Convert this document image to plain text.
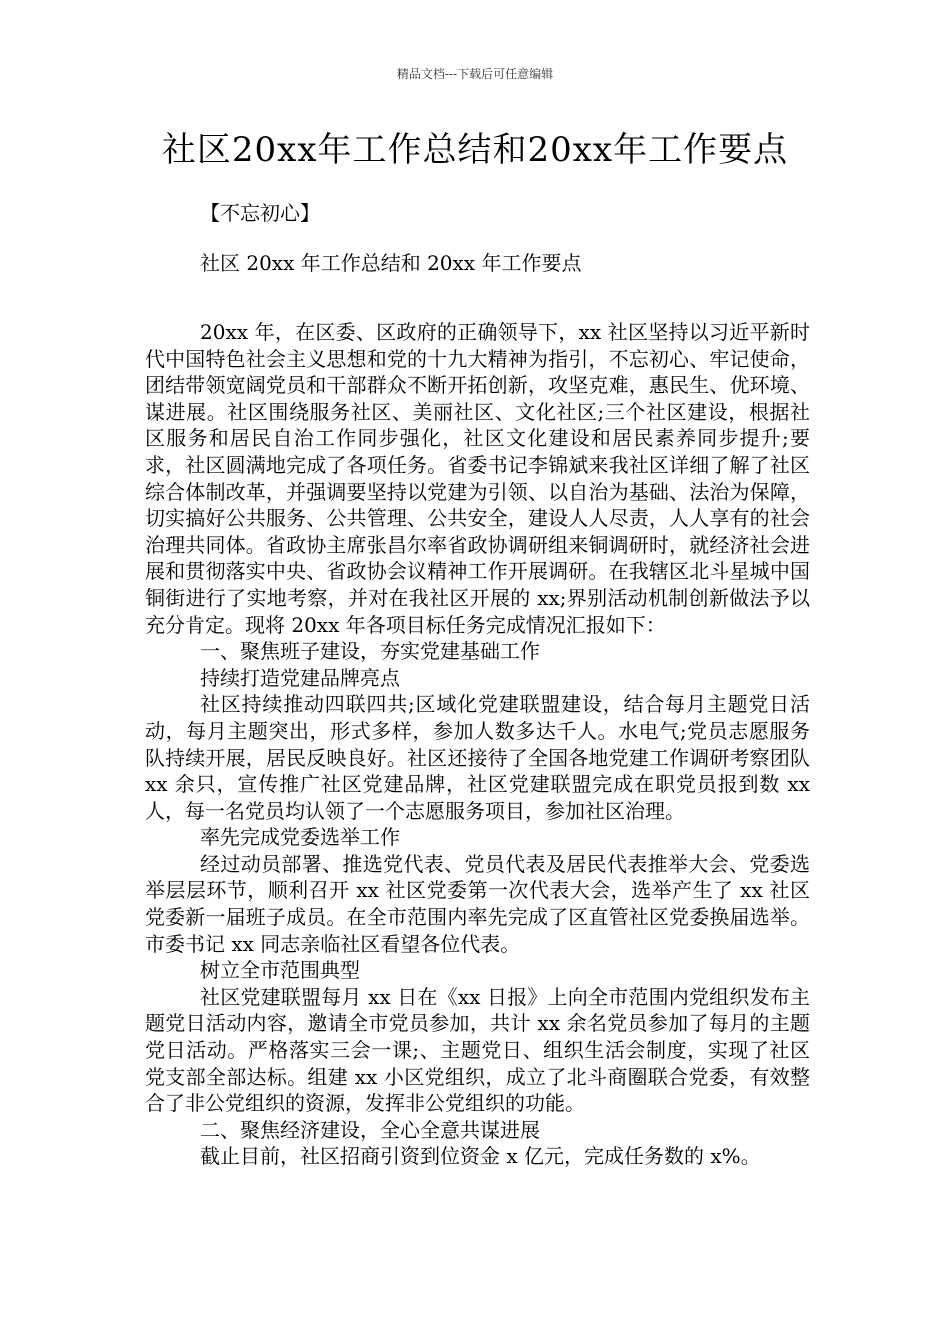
精品文档---下载后可任意编辑
社区20xx年工作总结和20xx年工作要点
【不忘初心】
社区 20xx 年工作总结和 20xx 年工作要点

20xx 年，在区委、区政府的正确领导下，xx 社区坚持以习近平新时代中国特色社会主义思想和党的十九大精神为指引，不忘初心、牢记使命，团结带领宽阔党员和干部群众不断开拓创新，攻坚克难，惠民生、优环境、谋进展。社区围绕服务社区、美丽社区、文化社区;三个社区建设，根据社区服务和居民自治工作同步强化，社区文化建设和居民素养同步提升;要求，社区圆满地完成了各项任务。省委书记李锦斌来我社区详细了解了社区综合体制改革，并强调要坚持以党建为引领、以自治为基础、法治为保障，切实搞好公共服务、公共管理、公共安全，建设人人尽责，人人享有的社会治理共同体。省政协主席张昌尔率省政协调研组来铜调研时，就经济社会进展和贯彻落实中央、省政协会议精神工作开展调研。在我辖区北斗星城中国铜街进行了实地考察，并对在我社区开展的 xx;界别活动机制创新做法予以充分肯定。现将 20xx 年各项目标任务完成情况汇报如下：

一、聚焦班子建设，夯实党建基础工作

持续打造党建品牌亮点

社区持续推动四联四共;区域化党建联盟建设，结合每月主题党日活动，每月主题突出，形式多样，参加人数多达千人。水电气;党员志愿服务队持续开展，居民反映良好。社区还接待了全国各地党建工作调研考察团队 xx 余只，宣传推广社区党建品牌，社区党建联盟完成在职党员报到数 xx 人，每一名党员均认领了一个志愿服务项目，参加社区治理。

率先完成党委选举工作

经过动员部署、推选党代表、党员代表及居民代表推举大会、党委选举层层环节，顺利召开 xx 社区党委第一次代表大会，选举产生了 xx 社区党委新一届班子成员。在全市范围内率先完成了区直管社区党委换届选举。市委书记 xx 同志亲临社区看望各位代表。

树立全市范围典型

社区党建联盟每月 xx 日在《xx 日报》上向全市范围内党组织发布主题党日活动内容，邀请全市党员参加，共计 xx 余名党员参加了每月的主题党日活动。严格落实三会一课;、主题党日、组织生活会制度，实现了社区党支部全部达标。组建 xx 小区党组织，成立了北斗商圈联合党委，有效整合了非公党组织的资源，发挥非公党组织的功能。

二、聚焦经济建设，全心全意共谋进展

截止目前，社区招商引资到位资金 x 亿元，完成任务数的 x%。
